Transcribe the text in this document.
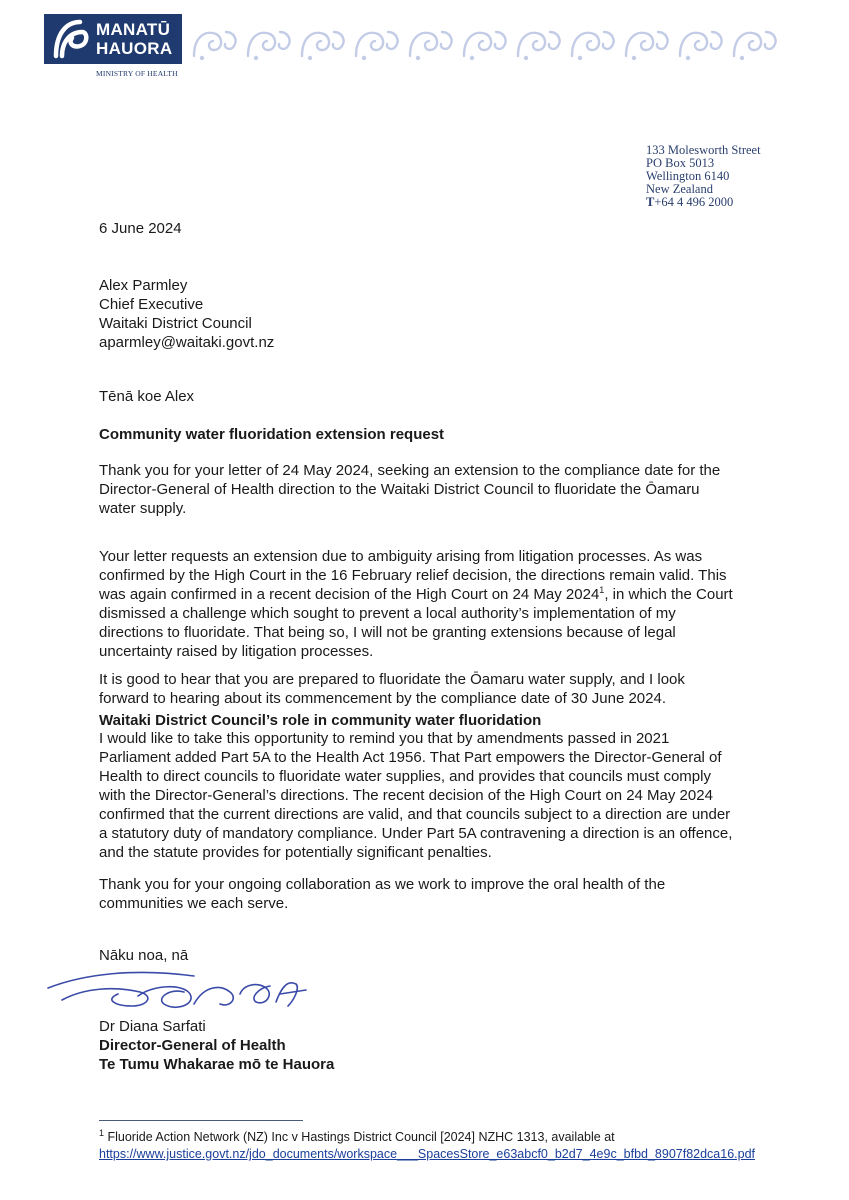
MANATŪ
HAUORA
MINISTRY OF HEALTH
133 Molesworth Street
PO Box 5013
Wellington 6140
New Zealand
T+64 4 496 2000
6 June 2024
Alex Parmley
Chief Executive
Waitaki District Council
aparmley@waitaki.govt.nz
Tēnā koe Alex
Community water fluoridation extension request
Thank you for your letter of 24 May 2024, seeking an extension to the compliance date for the
Director-General of Health direction to the Waitaki District Council to fluoridate the Ōamaru
water supply.
Your letter requests an extension due to ambiguity arising from litigation processes. As was
confirmed by the High Court in the 16 February relief decision, the directions remain valid. This
was again confirmed in a recent decision of the High Court on 24 May 2024$^1$, in which the Court
dismissed a challenge which sought to prevent a local authority’s implementation of my
directions to fluoridate. That being so, I will not be granting extensions because of legal
uncertainty raised by litigation processes.
It is good to hear that you are prepared to fluoridate the Ōamaru water supply, and I look
forward to hearing about its commencement by the compliance date of 30 June 2024.
Waitaki District Council’s role in community water fluoridation
I would like to take this opportunity to remind you that by amendments passed in 2021
Parliament added Part 5A to the Health Act 1956. That Part empowers the Director-General of
Health to direct councils to fluoridate water supplies, and provides that councils must comply
with the Director-General’s directions. The recent decision of the High Court on 24 May 2024
confirmed that the current directions are valid, and that councils subject to a direction are under
a statutory duty of mandatory compliance. Under Part 5A contravening a direction is an offence,
and the statute provides for potentially significant penalties.
Thank you for your ongoing collaboration as we work to improve the oral health of the
communities we each serve.
Nāku noa, nā
Dr Diana Sarfati
Director-General of Health
Te Tumu Whakarae mō te Hauora
$^1$ Fluoride Action Network (NZ) Inc v Hastings District Council [2024] NZHC 1313, available at
https://www.justice.govt.nz/jdo_documents/workspace___SpacesStore_e63abcf0_b2d7_4e9c_bfbd_8907f82dca16.pdf
